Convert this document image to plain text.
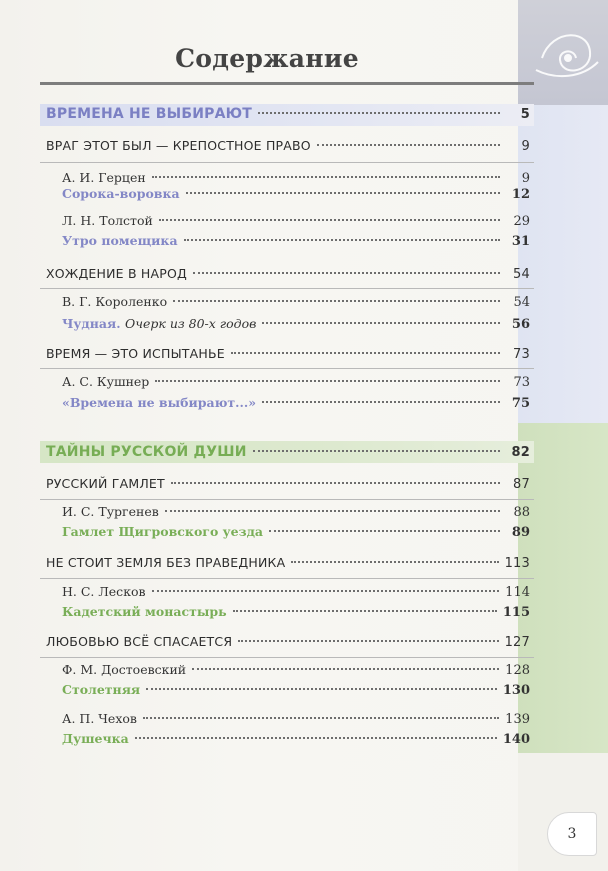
Содержание
ВРЕМЕНА НЕ ВЫБИРАЮТ	5
ВРАГ ЭТОТ БЫЛ — КРЕПОСТНОЕ ПРАВО	9
А. И. Герцен	9
Сорока-воровка	12
Л. Н. Толстой	29
Утро помещика	31
ХОЖДЕНИЕ В НАРОД	54
В. Г. Короленко	54
Чудная. Очерк из 80-х годов	56
ВРЕМЯ — ЭТО ИСПЫТАНЬЕ	73
А. С. Кушнер	73
«Времена не выбирают...»	75
ТАЙНЫ РУССКОЙ ДУШИ	82
РУССКИЙ ГАМЛЕТ	87
И. С. Тургенев	88
Гамлет Щигровского уезда	89
НЕ СТОИТ ЗЕМЛЯ БЕЗ ПРАВЕДНИКА	113
Н. С. Лесков	114
Кадетский монастырь	115
ЛЮБОВЬЮ ВСЁ СПАСАЕТСЯ	127
Ф. М. Достоевский	128
Столетняя	130
А. П. Чехов	139
Душечка	140
3
